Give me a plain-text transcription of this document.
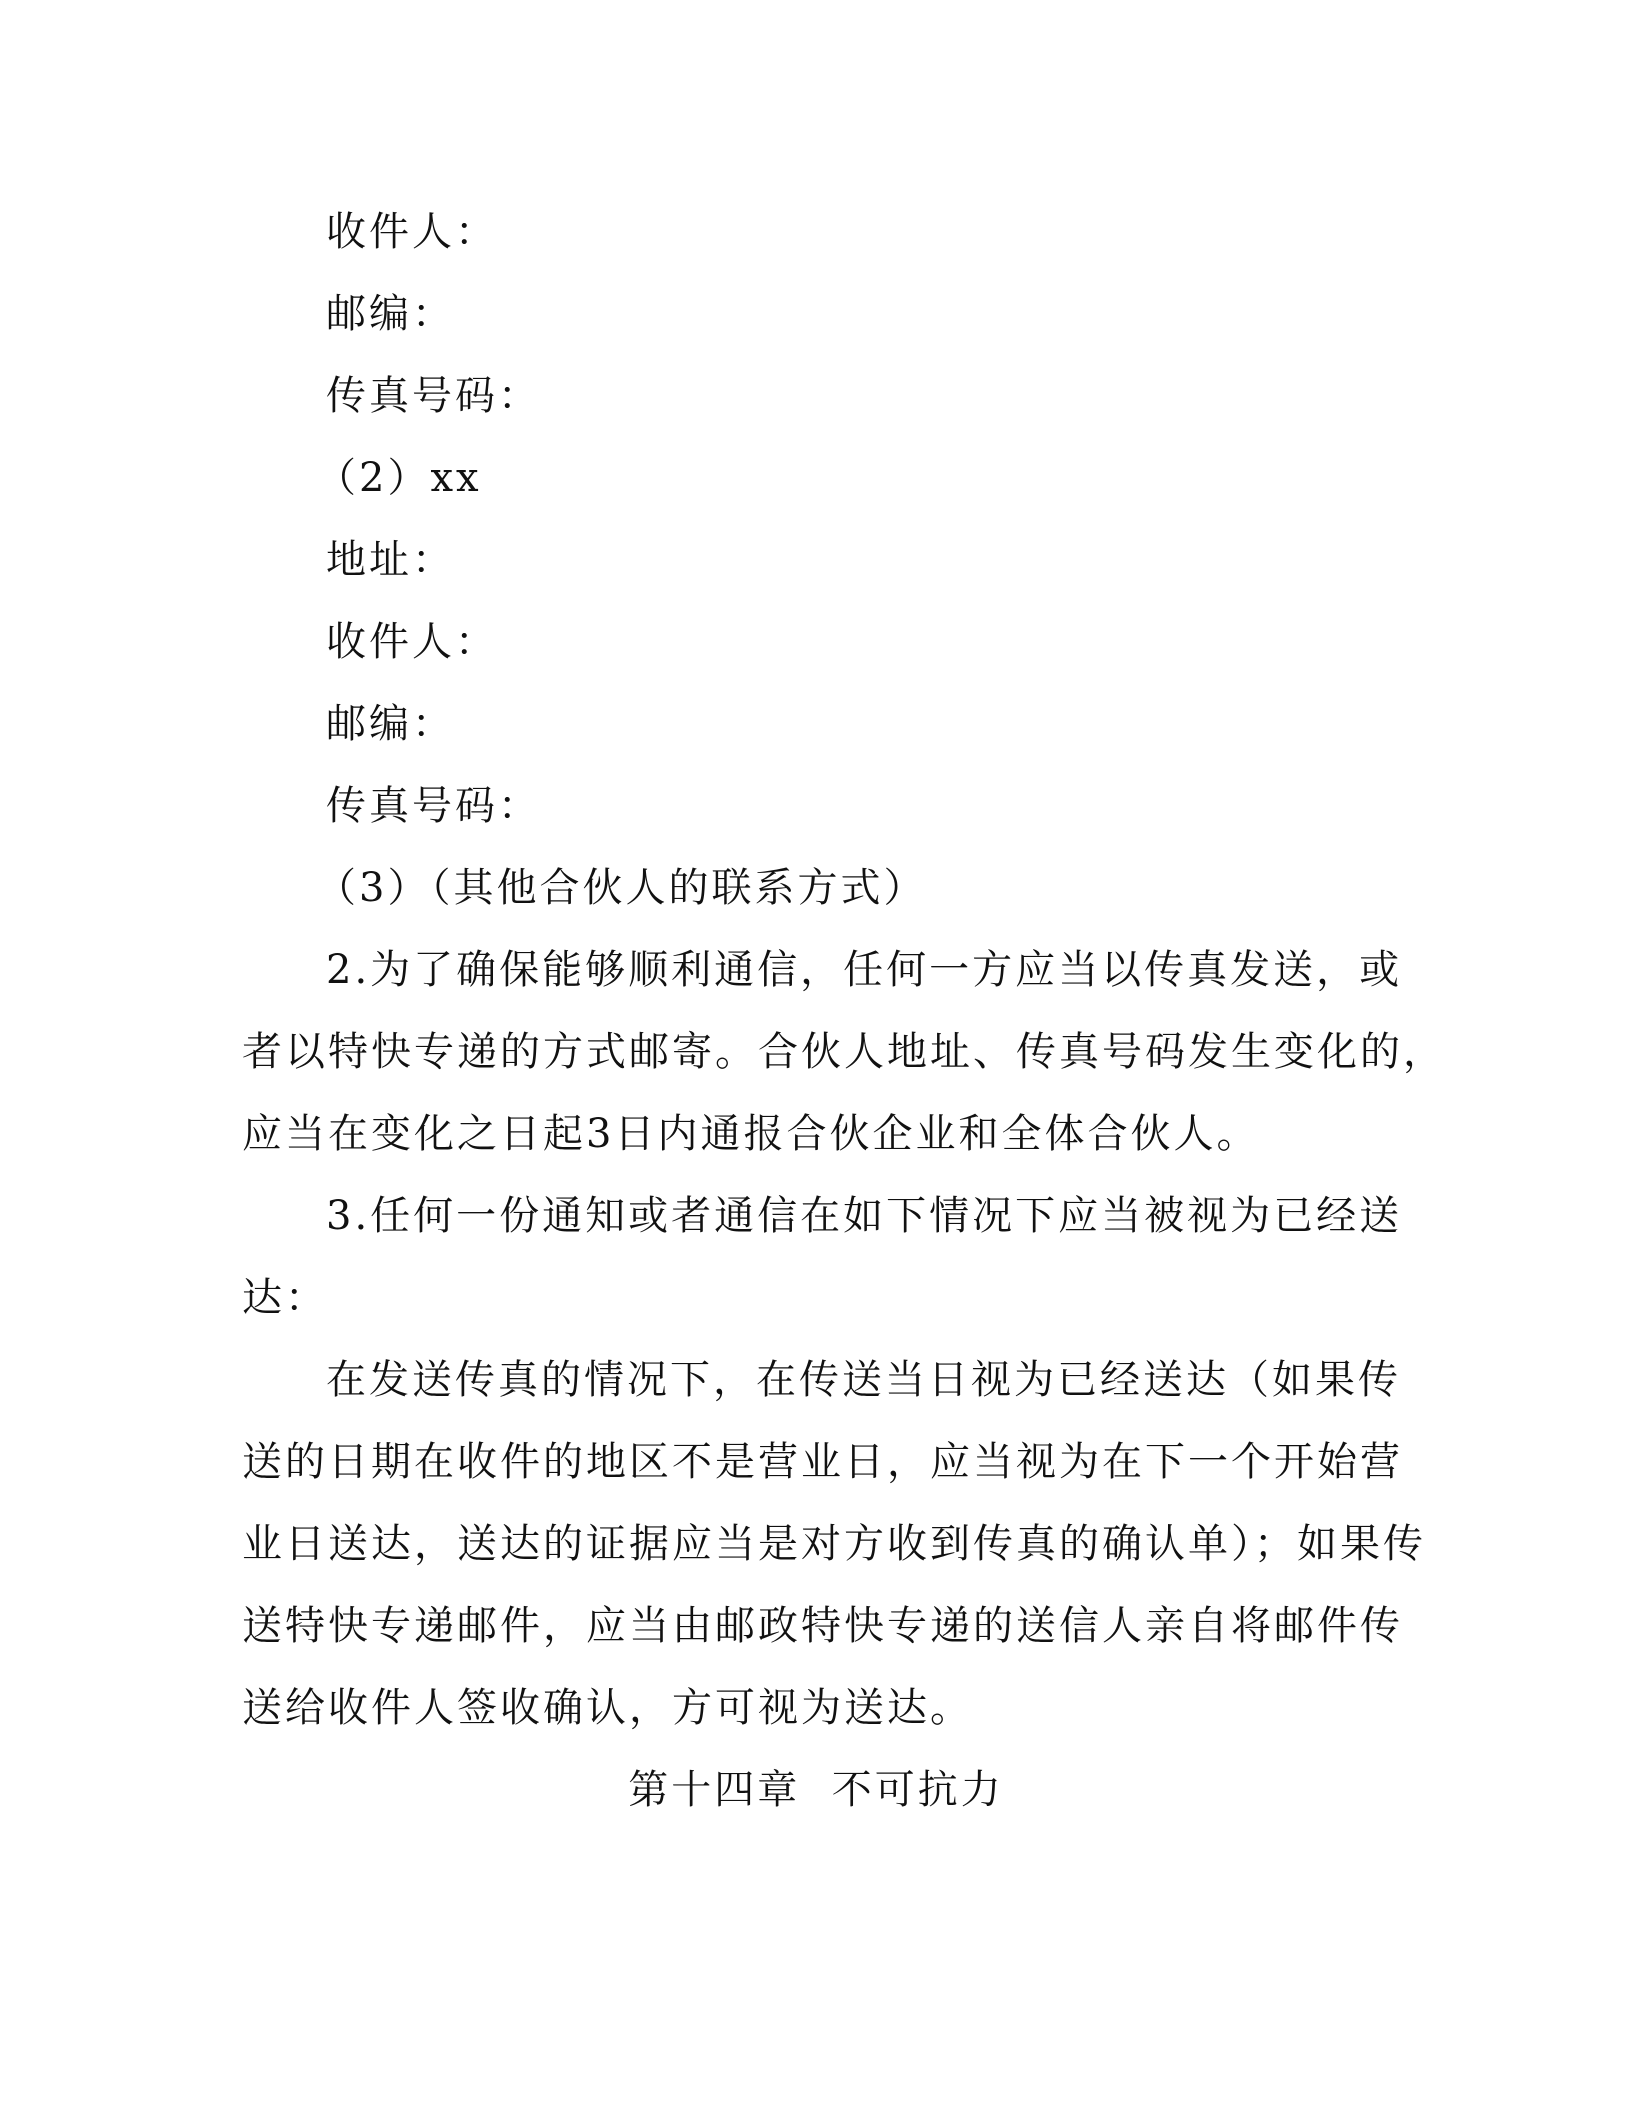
收件人：
邮编：
传真号码：
（2）xx
地址：
收件人：
邮编：
传真号码：
（3）（其他合伙人的联系方式）
2.为了确保能够顺利通信，任何一方应当以传真发送，或
者以特快专递的方式邮寄。合伙人地址、传真号码发生变化的，
应当在变化之日起3日内通报合伙企业和全体合伙人。
3.任何一份通知或者通信在如下情况下应当被视为已经送
达：
在发送传真的情况下，在传送当日视为已经送达（如果传
送的日期在收件的地区不是营业日，应当视为在下一个开始营
业日送达，送达的证据应当是对方收到传真的确认单）；如果传
送特快专递邮件，应当由邮政特快专递的送信人亲自将邮件传
送给收件人签收确认，方可视为送达。
第十四章  不可抗力
